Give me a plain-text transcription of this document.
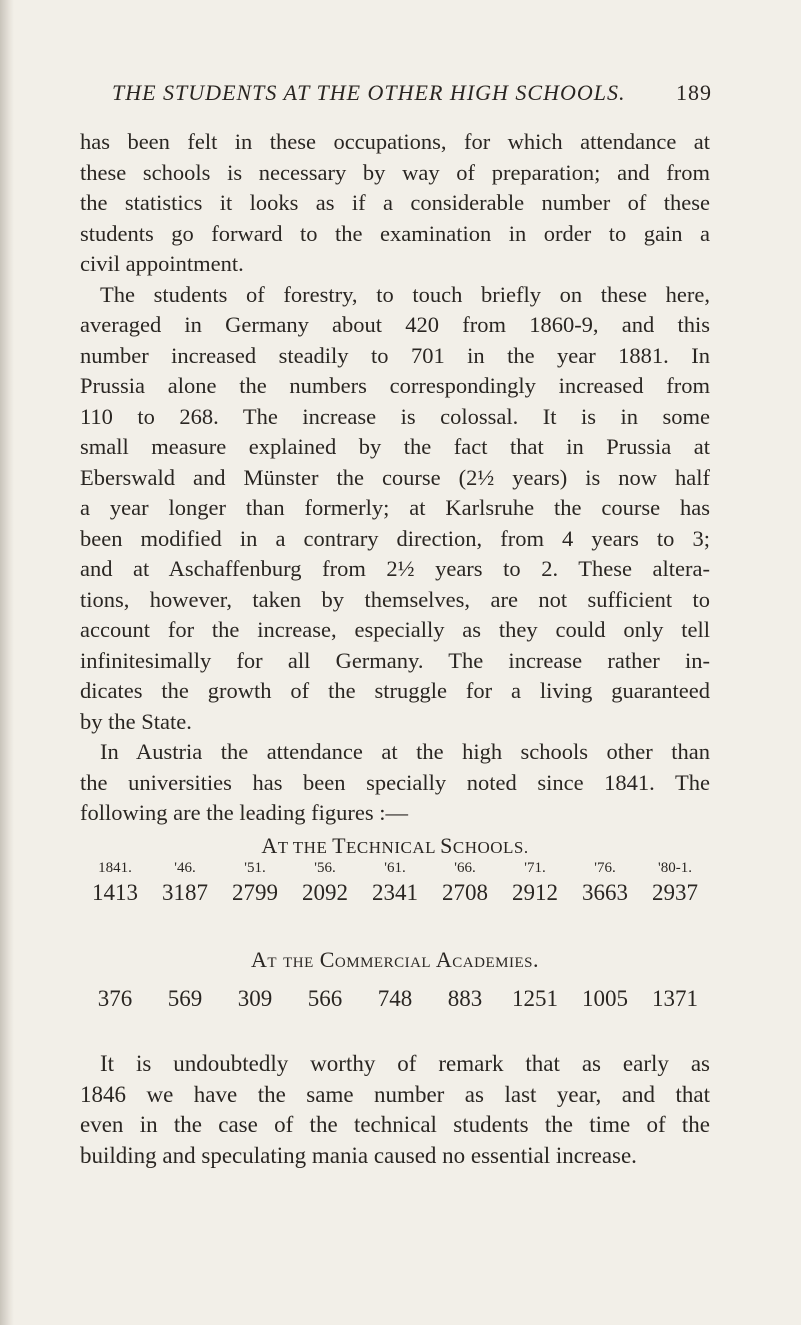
THE STUDENTS AT THE OTHER HIGH SCHOOLS. 189
has been felt in these occupations, for which attendance at
these schools is necessary by way of preparation; and from
the statistics it looks as if a considerable number of these
students go forward to the examination in order to gain a
civil appointment.
The students of forestry, to touch briefly on these here,
averaged in Germany about 420 from 1860-9, and this
number increased steadily to 701 in the year 1881. In
Prussia alone the numbers correspondingly increased from
110 to 268. The increase is colossal. It is in some
small measure explained by the fact that in Prussia at
Eberswald and Münster the course (2½ years) is now half
a year longer than formerly; at Karlsruhe the course has
been modified in a contrary direction, from 4 years to 3;
and at Aschaffenburg from 2½ years to 2. These altera-
tions, however, taken by themselves, are not sufficient to
account for the increase, especially as they could only tell
infinitesimally for all Germany. The increase rather in-
dicates the growth of the struggle for a living guaranteed
by the State.
In Austria the attendance at the high schools other than
the universities has been specially noted since 1841. The
following are the leading figures :—
AT THE TECHNICAL SCHOOLS.
1841.	'46.	'51.	'56.	'61.	'66.	'71.	'76.	'80-1.
1413	3187	2799	2092	2341	2708	2912	3663	2937
At the Commercial Academies.
376	569	309	566	748	883	1251	1005	1371
It is undoubtedly worthy of remark that as early as
1846 we have the same number as last year, and that
even in the case of the technical students the time of the
building and speculating mania caused no essential increase.
